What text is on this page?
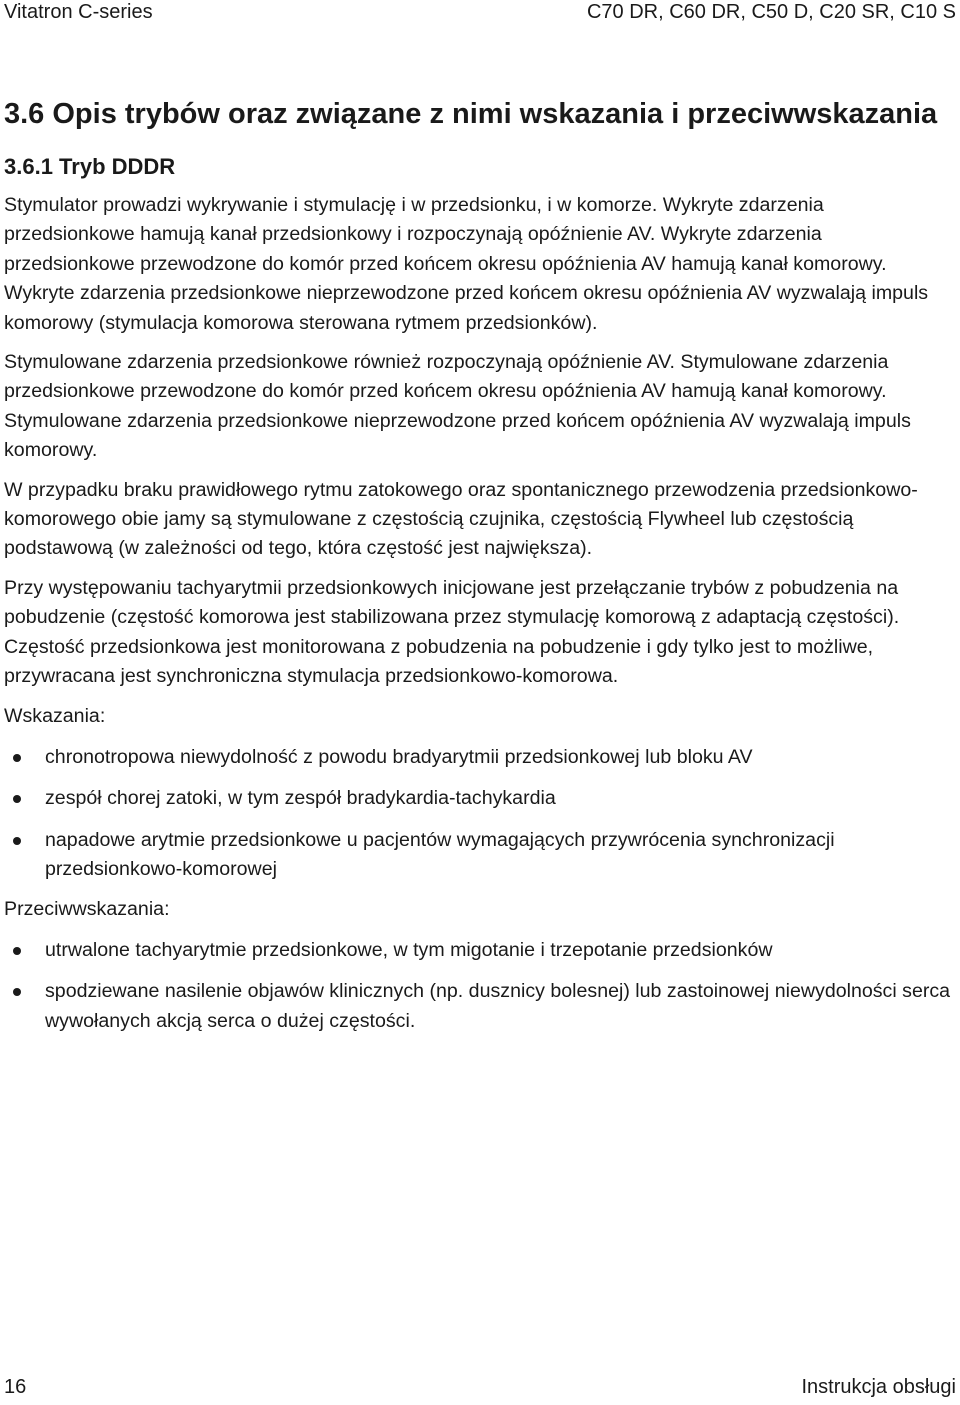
Vitatron C-series	C70 DR, C60 DR, C50 D, C20 SR, C10 S
3.6 Opis trybów oraz związane z nimi wskazania i przeciwwskazania
3.6.1 Tryb DDDR

Stymulator prowadzi wykrywanie i stymulację i w przedsionku, i w komorze. Wykryte zdarzenia przedsionkowe hamują kanał przedsionkowy i rozpoczynają opóźnienie AV. Wykryte zdarzenia przedsionkowe przewodzone do komór przed końcem okresu opóźnienia AV hamują kanał komorowy. Wykryte zdarzenia przedsionkowe nieprzewodzone przed końcem okresu opóźnienia AV wyzwalają impuls komorowy (stymulacja komorowa sterowana rytmem przedsionków).

Stymulowane zdarzenia przedsionkowe również rozpoczynają opóźnienie AV. Stymulowane zdarzenia przedsionkowe przewodzone do komór przed końcem okresu opóźnienia AV hamują kanał komorowy. Stymulowane zdarzenia przedsionkowe nieprzewodzone przed końcem opóźnienia AV wyzwalają impuls komorowy.

W przypadku braku prawidłowego rytmu zatokowego oraz spontanicznego przewodzenia przedsionkowo-komorowego obie jamy są stymulowane z częstością czujnika, częstością Flywheel lub częstością podstawową (w zależności od tego, która częstość jest największa).

Przy występowaniu tachyarytmii przedsionkowych inicjowane jest przełączanie trybów z pobudzenia na pobudzenie (częstość komorowa jest stabilizowana przez stymulację komorową z adaptacją częstości). Częstość przedsionkowa jest monitorowana z pobudzenia na pobudzenie i gdy tylko jest to możliwe, przywracana jest synchroniczna stymulacja przedsionkowo-komorowa.

Wskazania:

chronotropowa niewydolność z powodu bradyarytmii przedsionkowej lub bloku AV
zespół chorej zatoki, w tym zespół bradykardia-tachykardia
napadowe arytmie przedsionkowe u pacjentów wymagających przywrócenia synchronizacji przedsionkowo-komorowej

Przeciwwskazania:

utrwalone tachyarytmie przedsionkowe, w tym migotanie i trzepotanie przedsionków
spodziewane nasilenie objawów klinicznych (np. dusznicy bolesnej) lub zastoinowej niewydolności serca wywołanych akcją serca o dużej częstości.
16	Instrukcja obsługi
